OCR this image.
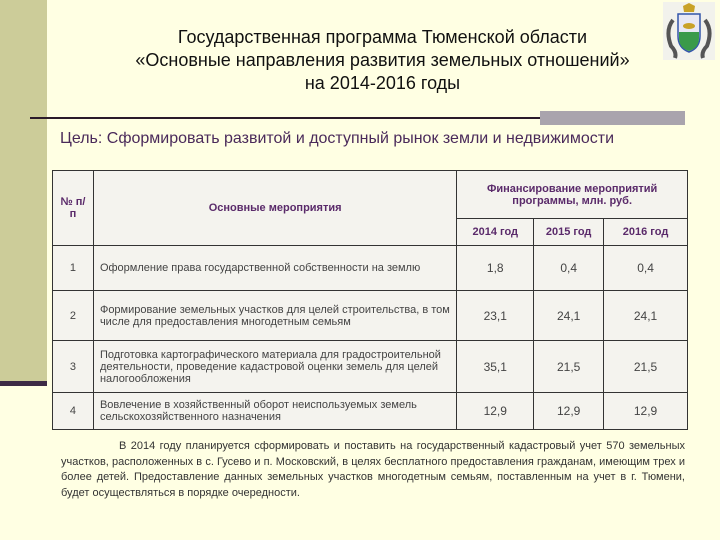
Государственная программа Тюменской области
«Основные направления развития земельных отношений»
на 2014-2016 годы
Цель: Сформировать развитой и доступный рынок земли и недвижимости
№ п/п	Основные мероприятия	Финансирование мероприятий программы, млн. руб.		
		2014 год	2015 год	2016 год
1	Оформление права государственной собственности на землю	1,8	0,4	0,4
2	Формирование земельных участков для целей строительства, в том числе для предоставления многодетным семьям	23,1	24,1	24,1
3	Подготовка картографического материала для градостроительной деятельности, проведение кадастровой оценки земель для целей налогообложения	35,1	21,5	21,5
4	Вовлечение в хозяйственный оборот неиспользуемых земель сельскохозяйственного назначения	12,9	12,9	12,9
В 2014 году планируется сформировать и поставить на государственный кадастровый учет 570 земельных участков, расположенных в с. Гусево и п. Московский, в целях бесплатного предоставления гражданам, имеющим трех и более детей. Предоставление данных земельных участков многодетным семьям, поставленным на учет в г. Тюмени, будет осуществляться в порядке очередности.
